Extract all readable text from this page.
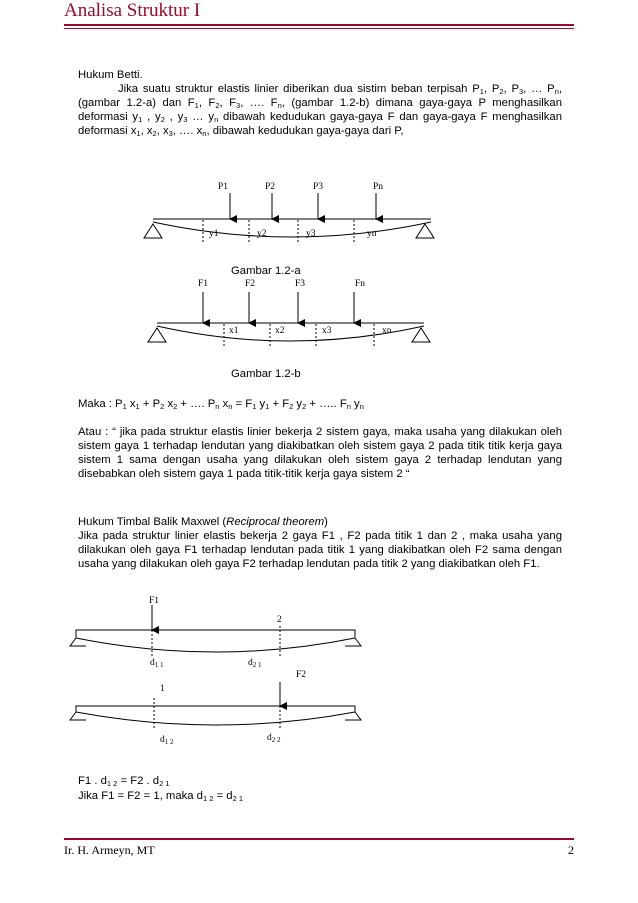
Analisa Struktur I

Hukum Betti.

Jika suatu struktur elastis linier diberikan dua sistim beban terpisah $P_1$, $P_2$, $P_3$, … $P_n$, (gambar 1.2-a) dan $F_1$, $F_2$, $F_3$, …. $F_n$, (gambar 1.2-b) dimana gaya-gaya P menghasilkan deformasi $y_1$ , $y_2$ , $y_3$ … $y_n$ dibawah kedudukan gaya-gaya F dan gaya-gaya F menghasilkan deformasi $x_1$, $x_2$, $x_3$, …. $x_n$, dibawah kedudukan gaya-gaya dari P,

P1	P2	P3	Pn
y1	y2	y3	yn
F1	F2	F3	Fn
x1	x2	x3	xn
F1
2
$d_{1 1}$	$d_{2 1}$
F2
1
$d_{1 2}$	$d_{2 2}$
Gambar 1.2-a
Gambar 1.2-b

Maka : $P_1$ $x_1 + P_2$ $x_2$ + …. $P_n$ $x_n = F_1$ $y_1 + F_2$ $y_2$ + ….. $F_n$ $y_n$

Atau : “ jika pada struktur elastis linier bekerja 2 sistem gaya, maka usaha yang dilakukan oleh sistem gaya 1 terhadap lendutan yang diakibatkan oleh sistem gaya 2 pada titik titik kerja gaya sistem 1 sama dengan usaha yang dilakukan oleh sistem gaya 2 terhadap lendutan yang disebabkan oleh sistem gaya 1 pada titik-titik kerja gaya sistem 2 “

Hukum Timbal Balik Maxwel (Reciprocal theorem)

Jika pada struktur linier elastis bekerja 2 gaya F1 , F2 pada titik 1 dan 2 , maka usaha yang dilakukan oleh gaya F1 terhadap lendutan pada titik 1 yang diakibatkan oleh F2 sama dengan usaha yang dilakukan oleh gaya F2 terhadap lendutan pada titik 2 yang diakibatkan oleh F1.

F1 . $d_{1 2} = F2$ . $d_{2 1}$

Jika F1 = F2 = 1, maka $d_{1 2} = d_{2 1}$

Ir. H. Armeyn, MT	2
